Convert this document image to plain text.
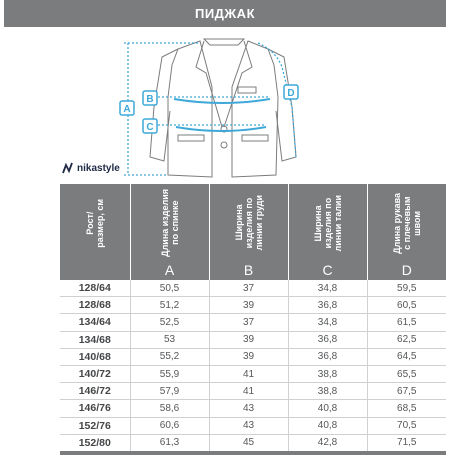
ПИДЖАК
A
B
C
D
nikastyle
Рост/
размер, см	Длина изделия
по спинке	Ширина
изделия по
линии груди	Ширина
изделия по
линии талии	Длина рукава
с плечевым
швом

	A	B	C	D
128/64	50,5	37	34,8	59,5
128/68	51,2	39	36,8	60,5
134/64	52,5	37	34,8	61,5
134/68	53	39	36,8	62,5
140/68	55,2	39	36,8	64,5
140/72	55,9	41	38,8	65,5
146/72	57,9	41	38,8	67,5
146/76	58,6	43	40,8	68,5
152/76	60,6	43	40,8	70,5
152/80	61,3	45	42,8	71,5
